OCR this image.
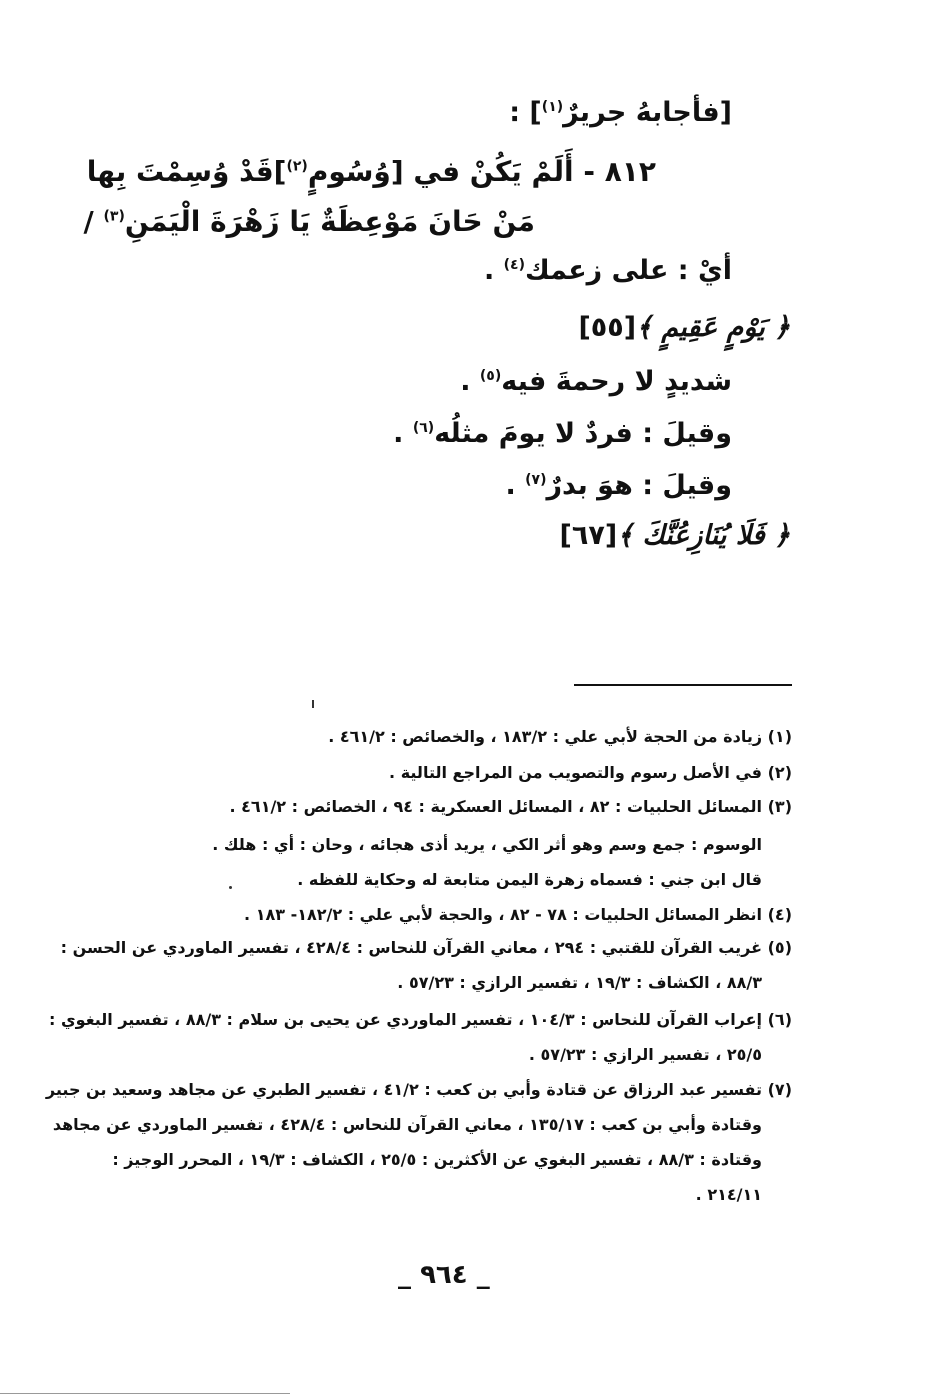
[فأجابهُ جريرٌ$^{(١)}$] :
٨١٢ - أَلَمْ يَكُنْ في [وُسُومٍ$^{(٢)}$]قَدْ وُسِمْتَ بِها
مَنْ حَانَ مَوْعِظَةٌ يَا زَهْرَةَ الْيَمَنِ$^{(٣)}$ /
أيْ : على زعمك$^{(٤)}$ .
﴿ يَوْمٍ عَقِيمٍ ﴾[٥٥]
شديدٍ لا رحمةَ فيه$^{(٥)}$ .
وقيلَ : فردٌ لا يومَ مثلُه$^{(٦)}$ .
وقيلَ : هوَ بدرٌ$^{(٧)}$ .
﴿ فَلَا يُنَازِعُنَّكَ ﴾[٦٧]
(١) زيادة من الحجة لأبي علي : ١٨٣/٢ ، والخصائص : ٤٦١/٢ .
(٢) في الأصل رسوم والتصويب من المراجع التالية .
(٣) المسائل الحلبيات : ٨٢ ، المسائل العسكرية : ٩٤ ، الخصائص : ٤٦١/٢ .
الوسوم : جمع وسم وهو أثر الكي ، يريد أذى هجائه ، وحان : أي : هلك .
قال ابن جني : فسماه زهرة اليمن متابعة له وحكاية للفظه .
(٤) انظر المسائل الحلبيات : ٧٨ - ٨٢ ، والحجة لأبي علي : ١٨٢/٢- ١٨٣ .
(٥) غريب القرآن للقتبي : ٢٩٤ ، معاني القرآن للنحاس : ٤٢٨/٤ ، تفسير الماوردي عن الحسن :
٨٨/٣ ، الكشاف : ١٩/٣ ، تفسير الرازي : ٥٧/٢٣ .
(٦) إعراب القرآن للنحاس : ١٠٤/٣ ، تفسير الماوردي عن يحيى بن سلام : ٨٨/٣ ، تفسير البغوي :
٢٥/٥ ، تفسير الرازي : ٥٧/٢٣ .
(٧) تفسير عبد الرزاق عن قتادة وأبي بن كعب : ٤١/٢ ، تفسير الطبري عن مجاهد وسعيد بن جبير
وقتادة وأبي بن كعب : ١٣٥/١٧ ، معاني القرآن للنحاس : ٤٢٨/٤ ، تفسير الماوردي عن مجاهد
وقتادة : ٨٨/٣ ، تفسير البغوي عن الأكثرين : ٢٥/٥ ، الكشاف : ١٩/٣ ، المحرر الوجيز :
٢١٤/١١ .
_ ٩٦٤ _
